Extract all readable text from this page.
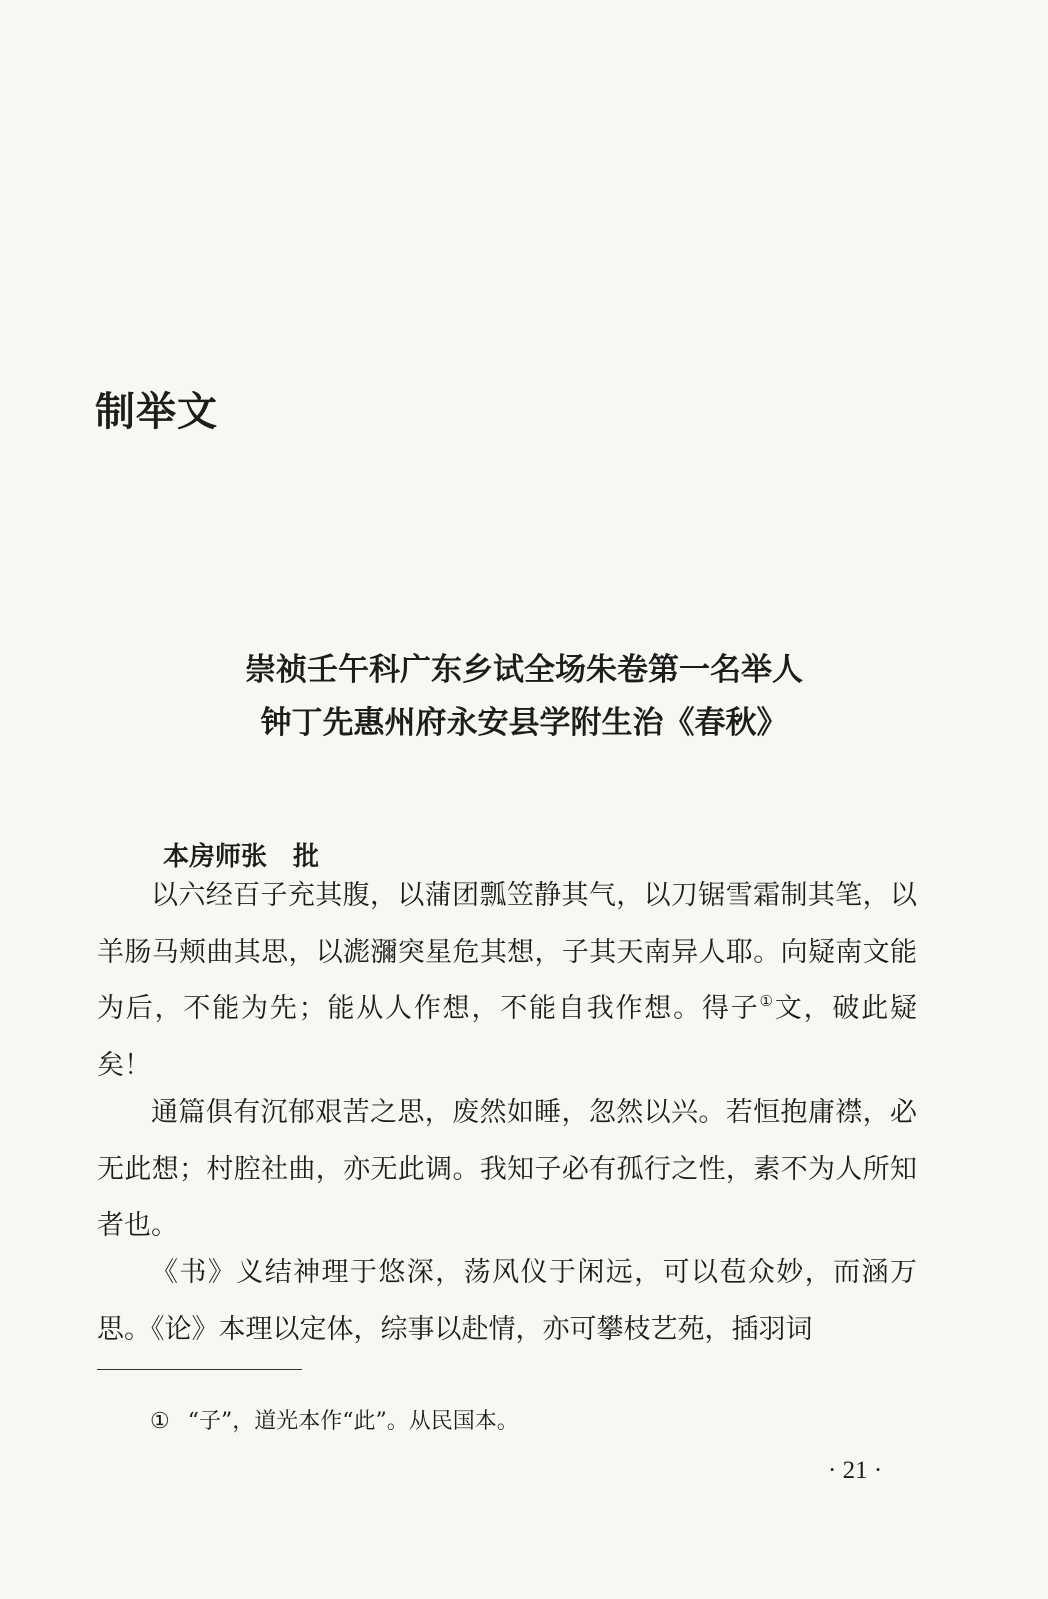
制举文
崇祯壬午科广东乡试全场朱卷第一名举人
钟丁先惠州府永安县学附生治《春秋》
本房师张　批

以六经百子充其腹，以蒲团瓢笠静其气，以刀锯雪霜制其笔，以羊肠马颊曲其思，以滮瀰突星危其想，子其天南异人耶。向疑南文能为后，不能为先；能从人作想，不能自我作想。得子①文，破此疑矣！

通篇俱有沉郁艰苦之思，废然如睡，忽然以兴。若恒抱庸襟，必无此想；村腔社曲，亦无此调。我知子必有孤行之性，素不为人所知者也。

《书》义结神理于悠深，荡风仪于闲远，可以苞众妙，而涵万思。《论》本理以定体，综事以赴情，亦可攀枝艺苑，插羽词

① “子”，道光本作“此”。从民国本。
· 21 ·
